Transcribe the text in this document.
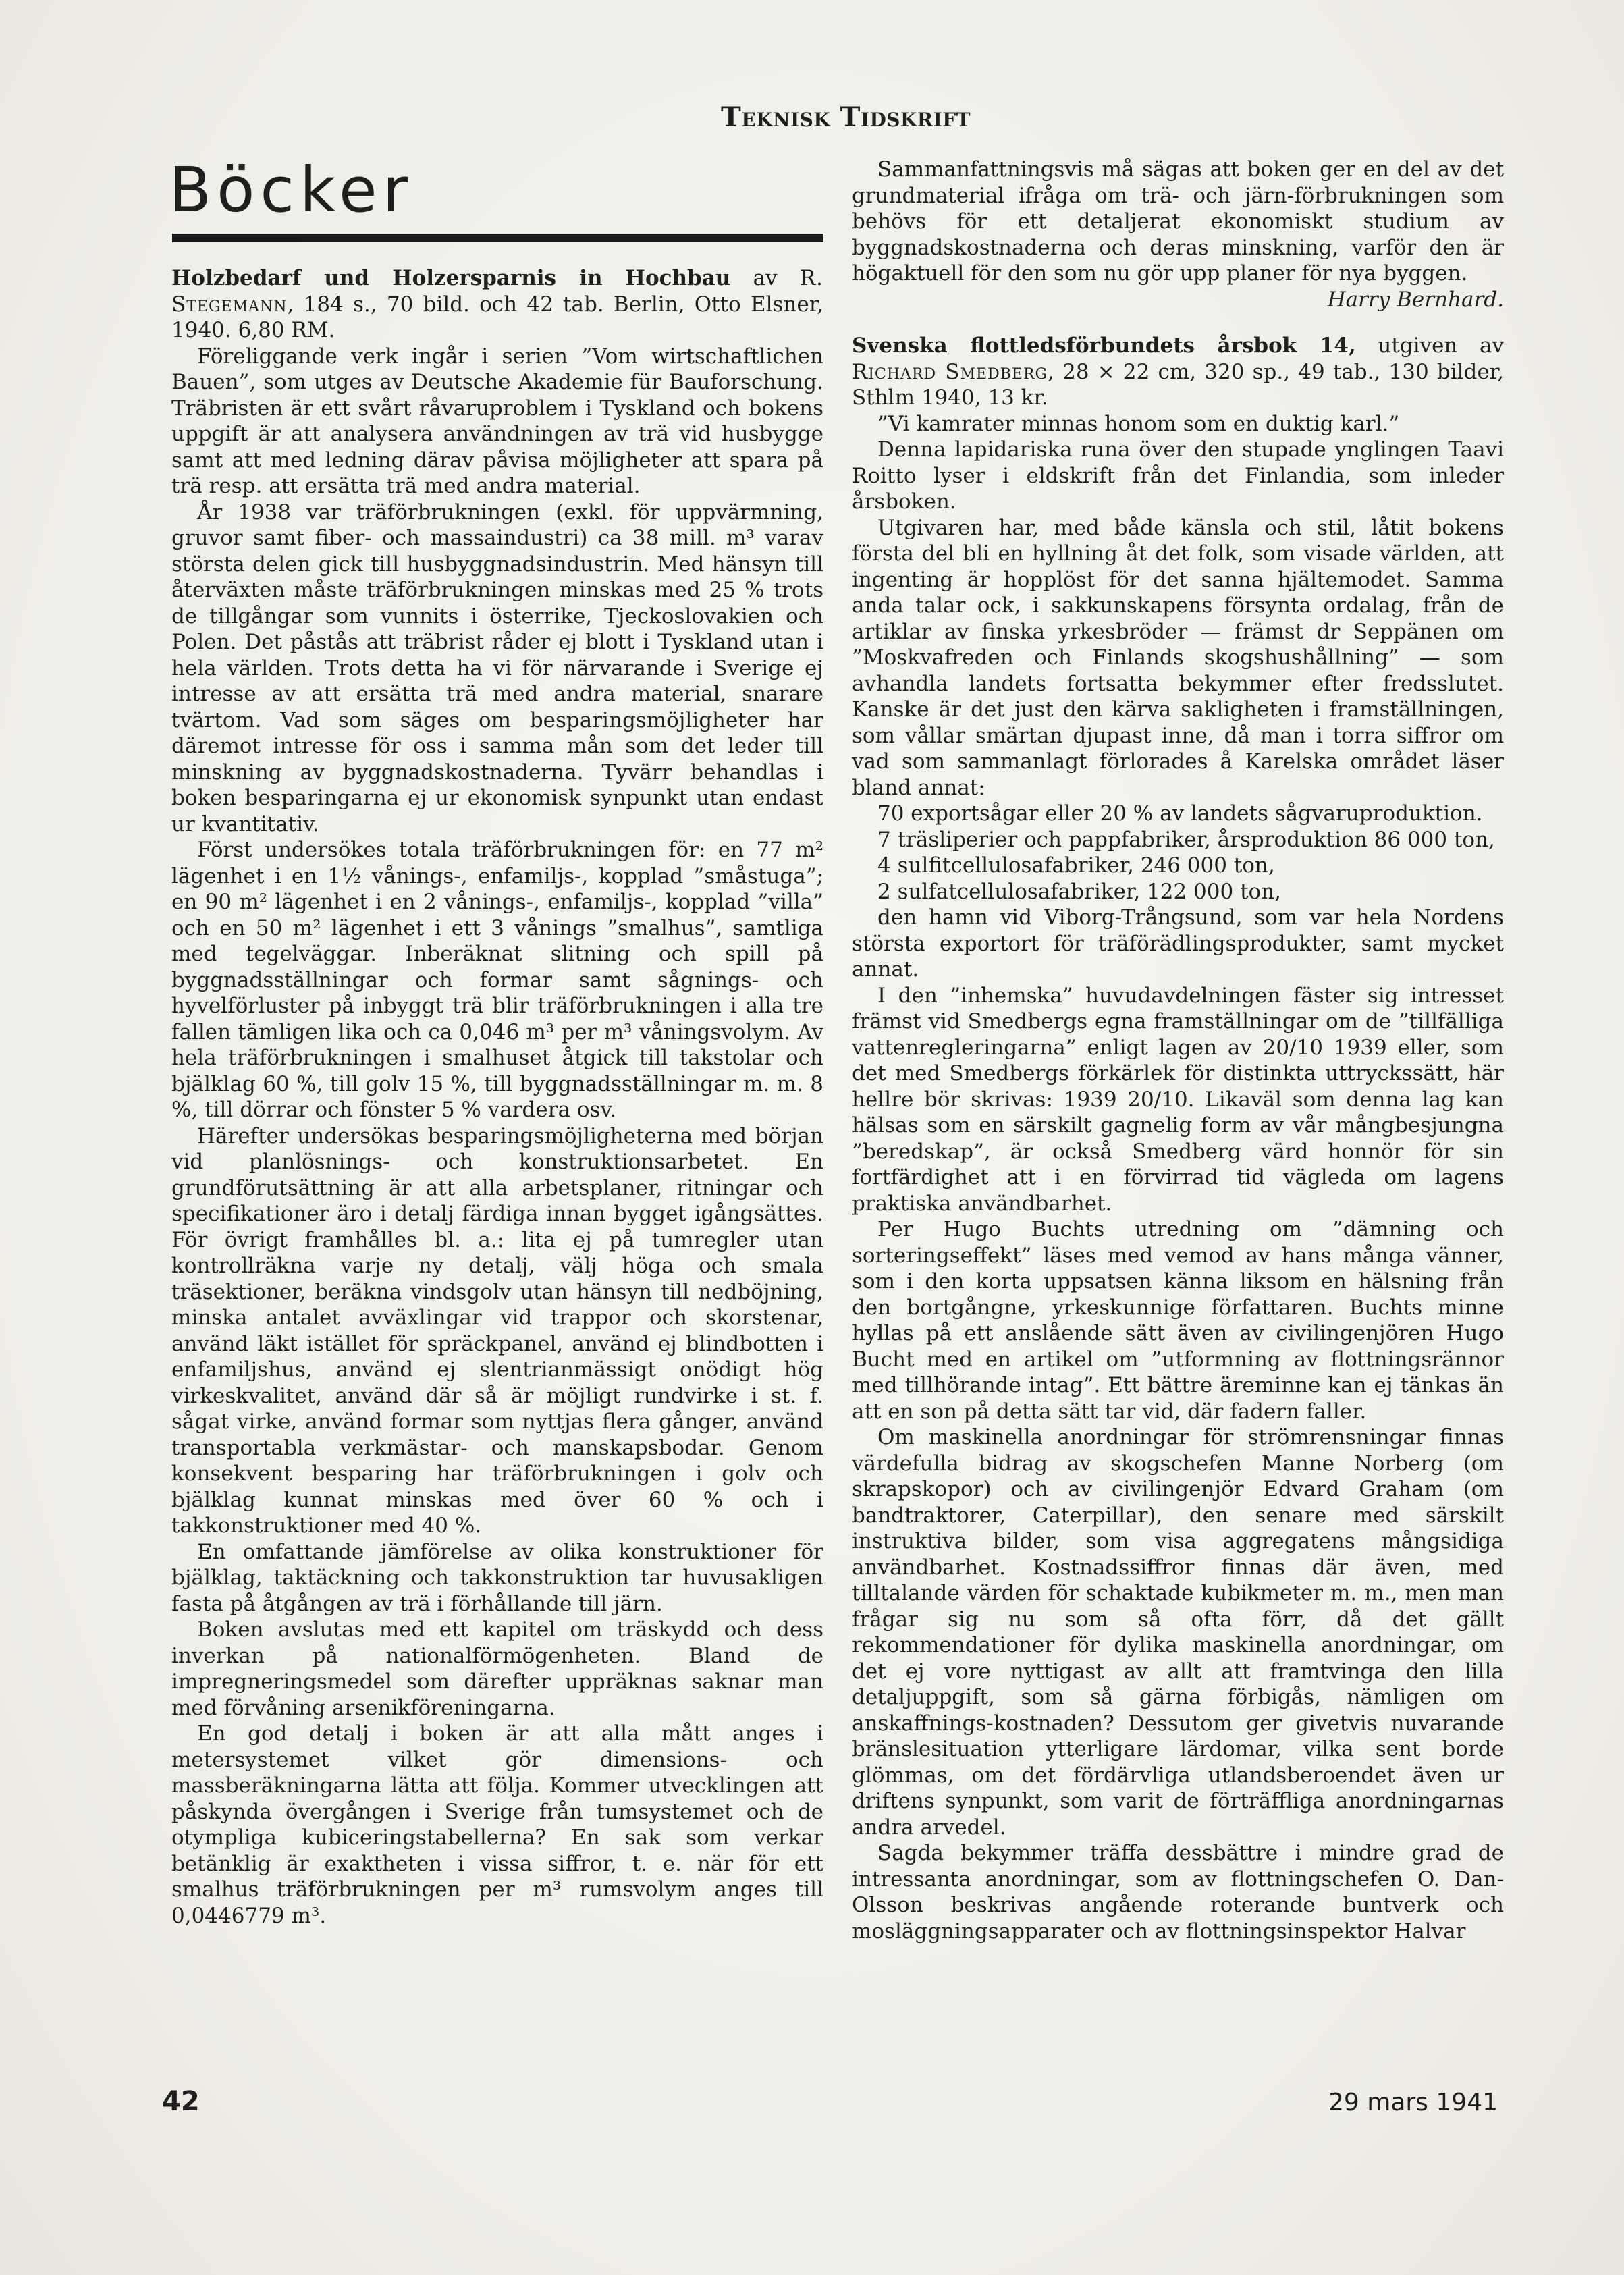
Teknisk Tidskrift
Böcker

Holzbedarf und Holzersparnis in Hochbau av R. Stegemann, 184 s., 70 bild. och 42 tab. Berlin, Otto Elsner, 1940. 6,80 RM.

Föreliggande verk ingår i serien ”Vom wirtschaftlichen Bauen”, som utges av Deutsche Akademie für Bauforschung. Träbristen är ett svårt råvaruproblem i Tyskland och bokens uppgift är att analysera användningen av trä vid husbygge samt att med ledning därav påvisa möjligheter att spara på trä resp. att ersätta trä med andra material.

År 1938 var träförbrukningen (exkl. för uppvärmning, gruvor samt fiber- och massaindustri) ca 38 mill. m³ varav största delen gick till husbyggnadsindustrin. Med hänsyn till återväxten måste träförbrukningen minskas med 25 % trots de tillgångar som vunnits i österrike, Tjeckoslovakien och Polen. Det påstås att träbrist råder ej blott i Tyskland utan i hela världen. Trots detta ha vi för närvarande i Sverige ej intresse av att ersätta trä med andra material, snarare tvärtom. Vad som säges om besparingsmöjligheter har däremot intresse för oss i samma mån som det leder till minskning av byggnadskostnaderna. Tyvärr behandlas i boken besparingarna ej ur ekonomisk synpunkt utan endast ur kvantitativ.

Först undersökes totala träförbrukningen för: en 77 m² lägenhet i en 1½ vånings-, enfamiljs-, kopplad ”småstuga”; en 90 m² lägenhet i en 2 vånings-, enfamiljs-, kopplad ”villa” och en 50 m² lägenhet i ett 3 vånings ”smalhus”, samtliga med tegelväggar. Inberäknat slitning och spill på byggnadsställningar och formar samt sågnings- och hyvelförluster på inbyggt trä blir träförbrukningen i alla tre fallen tämligen lika och ca 0,046 m³ per m³ våningsvolym. Av hela träförbrukningen i smalhuset åtgick till takstolar och bjälklag 60 %, till golv 15 %, till byggnadsställningar m. m. 8 %, till dörrar och fönster 5 % vardera osv.

Härefter undersökas besparingsmöjligheterna med början vid planlösnings- och konstruktionsarbetet. En grundförutsättning är att alla arbetsplaner, ritningar och specifikationer äro i detalj färdiga innan bygget igångsättes. För övrigt framhålles bl. a.: lita ej på tumregler utan kontrollräkna varje ny detalj, välj höga och smala träsektioner, beräkna vindsgolv utan hänsyn till nedböjning, minska antalet avväxlingar vid trappor och skorstenar, använd läkt istället för spräckpanel, använd ej blindbotten i enfamiljshus, använd ej slentrianmässigt onödigt hög virkeskvalitet, använd där så är möjligt rundvirke i st. f. sågat virke, använd formar som nyttjas flera gånger, använd transportabla verkmästar- och manskapsbodar. Genom konsekvent besparing har träförbrukningen i golv och bjälklag kunnat minskas med över 60 % och i takkonstruktioner med 40 %.

En omfattande jämförelse av olika konstruktioner för bjälklag, taktäckning och takkonstruktion tar huvusakligen fasta på åtgången av trä i förhållande till järn.

Boken avslutas med ett kapitel om träskydd och dess inverkan på nationalförmögenheten. Bland de impregneringsmedel som därefter uppräknas saknar man med förvåning arsenikföreningarna.

En god detalj i boken är att alla mått anges i metersystemet vilket gör dimensions- och massberäkningarna lätta att följa. Kommer utvecklingen att påskynda övergången i Sverige från tumsystemet och de otympliga kubiceringstabellerna? En sak som verkar betänklig är exaktheten i vissa siffror, t. e. när för ett smalhus träförbrukningen per m³ rumsvolym anges till 0,0446779 m³.

Sammanfattningsvis må sägas att boken ger en del av det grundmaterial ifråga om trä- och järn-förbrukningen som behövs för ett detaljerat ekonomiskt studium av byggnadskostnaderna och deras minskning, varför den är högaktuell för den som nu gör upp planer för nya byggen.

Harry Bernhard.

Svenska flottledsförbundets årsbok 14, utgiven av Richard Smedberg, 28 × 22 cm, 320 sp., 49 tab., 130 bilder, Sthlm 1940, 13 kr.

”Vi kamrater minnas honom som en duktig karl.”

Denna lapidariska runa över den stupade ynglingen Taavi Roitto lyser i eldskrift från det Finlandia, som inleder årsboken.

Utgivaren har, med både känsla och stil, låtit bokens första del bli en hyllning åt det folk, som visade världen, att ingenting är hopplöst för det sanna hjältemodet. Samma anda talar ock, i sakkunskapens försynta ordalag, från de artiklar av finska yrkesbröder — främst dr Seppänen om ”Moskvafreden och Finlands skogshushållning” — som avhandla landets fortsatta bekymmer efter fredsslutet. Kanske är det just den kärva sakligheten i framställningen, som vållar smärtan djupast inne, då man i torra siffror om vad som sammanlagt förlorades å Karelska området läser bland annat:

70 exportsågar eller 20 % av landets sågvaruproduktion.

7 träsliperier och pappfabriker, årsproduktion 86 000 ton,

4 sulfitcellulosafabriker, 246 000 ton,

2 sulfatcellulosafabriker, 122 000 ton,

den hamn vid Viborg-Trångsund, som var hela Nordens största exportort för träförädlingsprodukter, samt mycket annat.

I den ”inhemska” huvudavdelningen fäster sig intresset främst vid Smedbergs egna framställningar om de ”tillfälliga vattenregleringarna” enligt lagen av 20/10 1939 eller, som det med Smedbergs förkärlek för distinkta uttryckssätt, här hellre bör skrivas: 1939 20/10. Likaväl som denna lag kan hälsas som en särskilt gagnelig form av vår mångbesjungna ”beredskap”, är också Smedberg värd honnör för sin fortfärdighet att i en förvirrad tid vägleda om lagens praktiska användbarhet.

Per Hugo Buchts utredning om ”dämning och sorteringseffekt” läses med vemod av hans många vänner, som i den korta uppsatsen känna liksom en hälsning från den bortgångne, yrkeskunnige författaren. Buchts minne hyllas på ett anslående sätt även av civilingenjören Hugo Bucht med en artikel om ”utformning av flottningsrännor med tillhörande intag”. Ett bättre äreminne kan ej tänkas än att en son på detta sätt tar vid, där fadern faller.

Om maskinella anordningar för strömrensningar finnas värdefulla bidrag av skogschefen Manne Norberg (om skrapskopor) och av civilingenjör Edvard Graham (om bandtraktorer, Caterpillar), den senare med särskilt instruktiva bilder, som visa aggregatens mångsidiga användbarhet. Kostnadssiffror finnas där även, med tilltalande värden för schaktade kubikmeter m. m., men man frågar sig nu som så ofta förr, då det gällt rekommendationer för dylika maskinella anordningar, om det ej vore nyttigast av allt att framtvinga den lilla detaljuppgift, som så gärna förbigås, nämligen om anskaffnings-kostnaden? Dessutom ger givetvis nuvarande bränslesituation ytterligare lärdomar, vilka sent borde glömmas, om det fördärvliga utlandsberoendet även ur driftens synpunkt, som varit de förträffliga anordningarnas andra arvedel.

Sagda bekymmer träffa dessbättre i mindre grad de intressanta anordningar, som av flottningschefen O. Dan-Olsson beskrivas angående roterande buntverk och mosläggningsapparater och av flottningsinspektor Halvar

42	29 mars 1941
